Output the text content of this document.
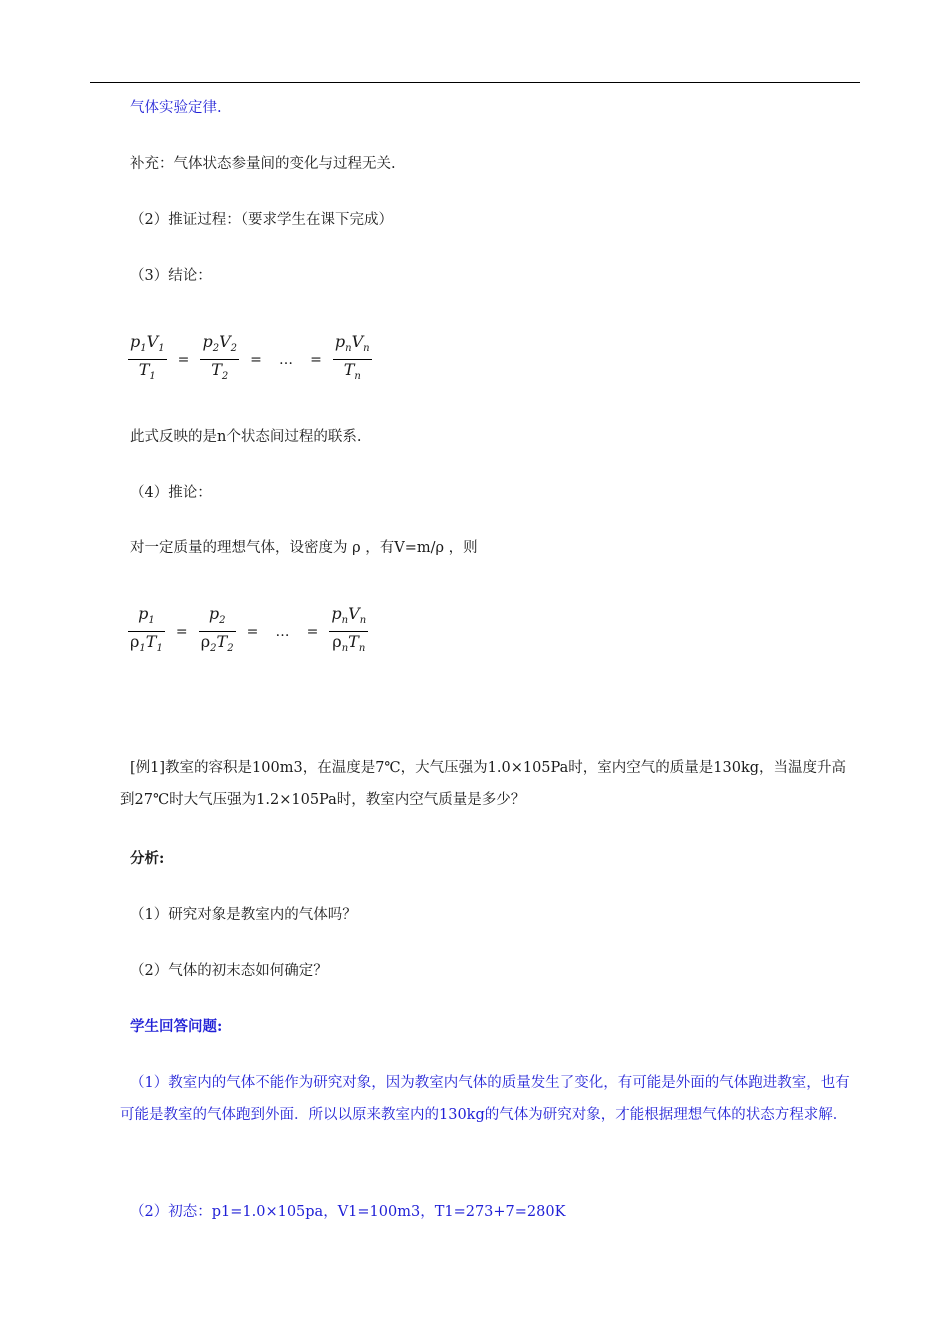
气体实验定律.
补充：气体状态参量间的变化与过程无关.
（2）推证过程：（要求学生在课下完成）
（3）结论：
$\frac{p_1V_1}{T_1} = \frac{p_2V_2}{T_2}$ = … = $\frac{p_nV_n}{T_n}$
此式反映的是n个状态间过程的联系.
（4）推论：
对一定质量的理想气体，设密度为 ρ ，有V=m/ρ ，则
$\frac{p_1}{\rho_1T_1} = \frac{p_2}{\rho_2T_2}$ = … = $\frac{p_nV_n}{\rho_nT_n}$
[例1]教室的容积是100m3，在温度是7℃，大气压强为1.0×105Pa时，室内空气的质量是130kg，当温度升高到27℃时大气压强为1.2×105Pa时，教室内空气质量是多少？
分析:
（1）研究对象是教室内的气体吗？
（2）气体的初末态如何确定？
学生回答问题:
（1）教室内的气体不能作为研究对象，因为教室内气体的质量发生了变化，有可能是外面的气体跑进教室，也有可能是教室的气体跑到外面．所以以原来教室内的130kg的气体为研究对象，才能根据理想气体的状态方程求解．
（2）初态：p1=1.0×105pa，V1=100m3，T1=273+7=280K
